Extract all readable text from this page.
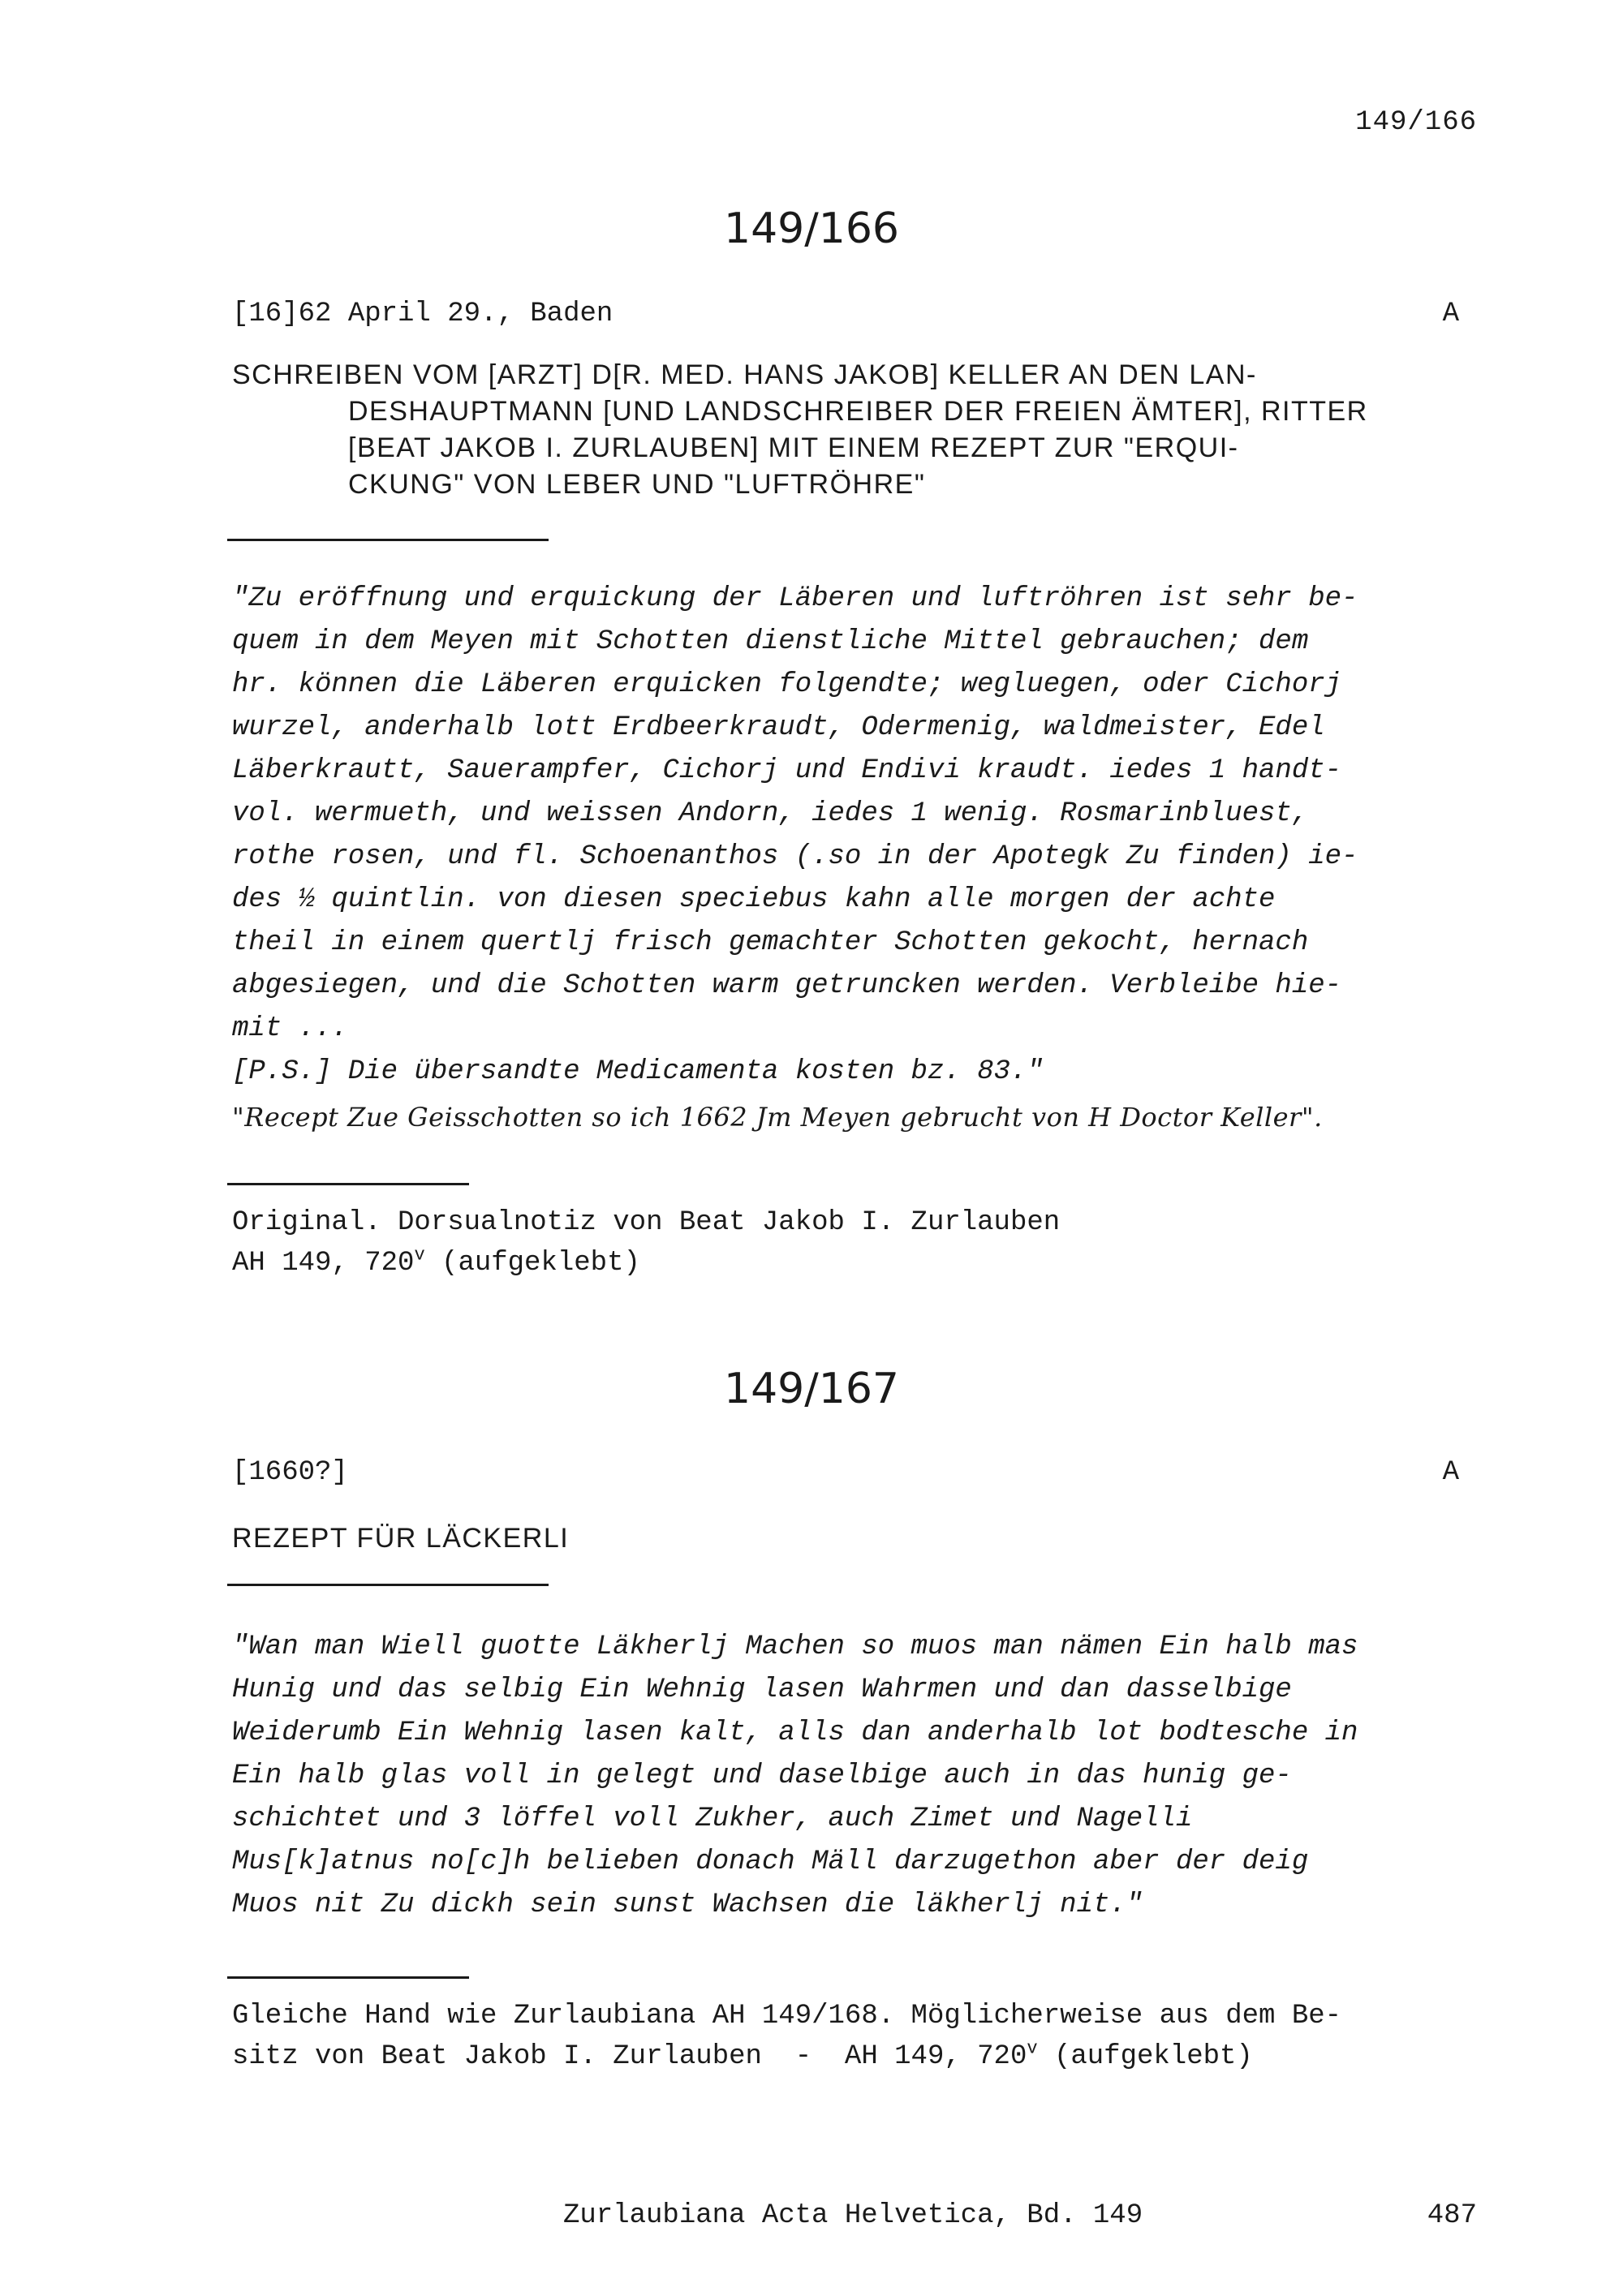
149/166
149/166
[16]62 April 29., Baden	A
SCHREIBEN VOM [ARZT] D[R. MED. HANS JAKOB] KELLER AN DEN LAN-
DESHAUPTMANN [UND LANDSCHREIBER DER FREIEN ÄMTER], RITTER
[BEAT JAKOB I. ZURLAUBEN] MIT EINEM REZEPT ZUR "ERQUI-
CKUNG" VON LEBER UND "LUFTRÖHRE"
"Zu eröffnung und erquickung der Läberen und luftröhren ist sehr be-
quem in dem Meyen mit Schotten dienstliche Mittel gebrauchen; dem
hr. können die Läberen erquicken folgendte; wegluegen, oder Cichorj
wurzel, anderhalb lott Erdbeerkraudt, Odermenig, waldmeister, Edel
Läberkrautt, Sauerampfer, Cichorj und Endivi kraudt. iedes 1 handt-
vol. wermueth, und weissen Andorn, iedes 1 wenig. Rosmarinbluest,
rothe rosen, und fl. Schoenanthos (.so in der Apotegk Zu finden) ie-
des ½ quintlin. von diesen speciebus kahn alle morgen der achte
theil in einem quertlj frisch gemachter Schotten gekocht, hernach
abgesiegen, und die Schotten warm getruncken werden. Verbleibe hie-
mit ...
[P.S.] Die übersandte Medicamenta kosten bz. 83."
"Recept Zue Geisschotten so ich 1662 Jm Meyen gebrucht von H Doctor Keller".
Original. Dorsualnotiz von Beat Jakob I. Zurlauben
AH 149, 720$^v$ (aufgeklebt)
149/167
[1660?]	A
REZEPT FÜR LÄCKERLI
"Wan man Wiell guotte Läkherlj Machen so muos man nämen Ein halb mas
Hunig und das selbig Ein Wehnig lasen Wahrmen und dan dasselbige
Weiderumb Ein Wehnig lasen kalt, alls dan anderhalb lot bodtesche in
Ein halb glas voll in gelegt und daselbige auch in das hunig ge-
schichtet und 3 löffel voll Zukher, auch Zimet und Nagelli
Mus[k]atnus no[c]h belieben donach Mäll darzugethon aber der deig
Muos nit Zu dickh sein sunst Wachsen die läkherlj nit."
Gleiche Hand wie Zurlaubiana AH 149/168. Möglicherweise aus dem Be-
sitz von Beat Jakob I. Zurlauben  -  AH 149, 720$^v$ (aufgeklebt)
Zurlaubiana Acta Helvetica, Bd. 149	487
